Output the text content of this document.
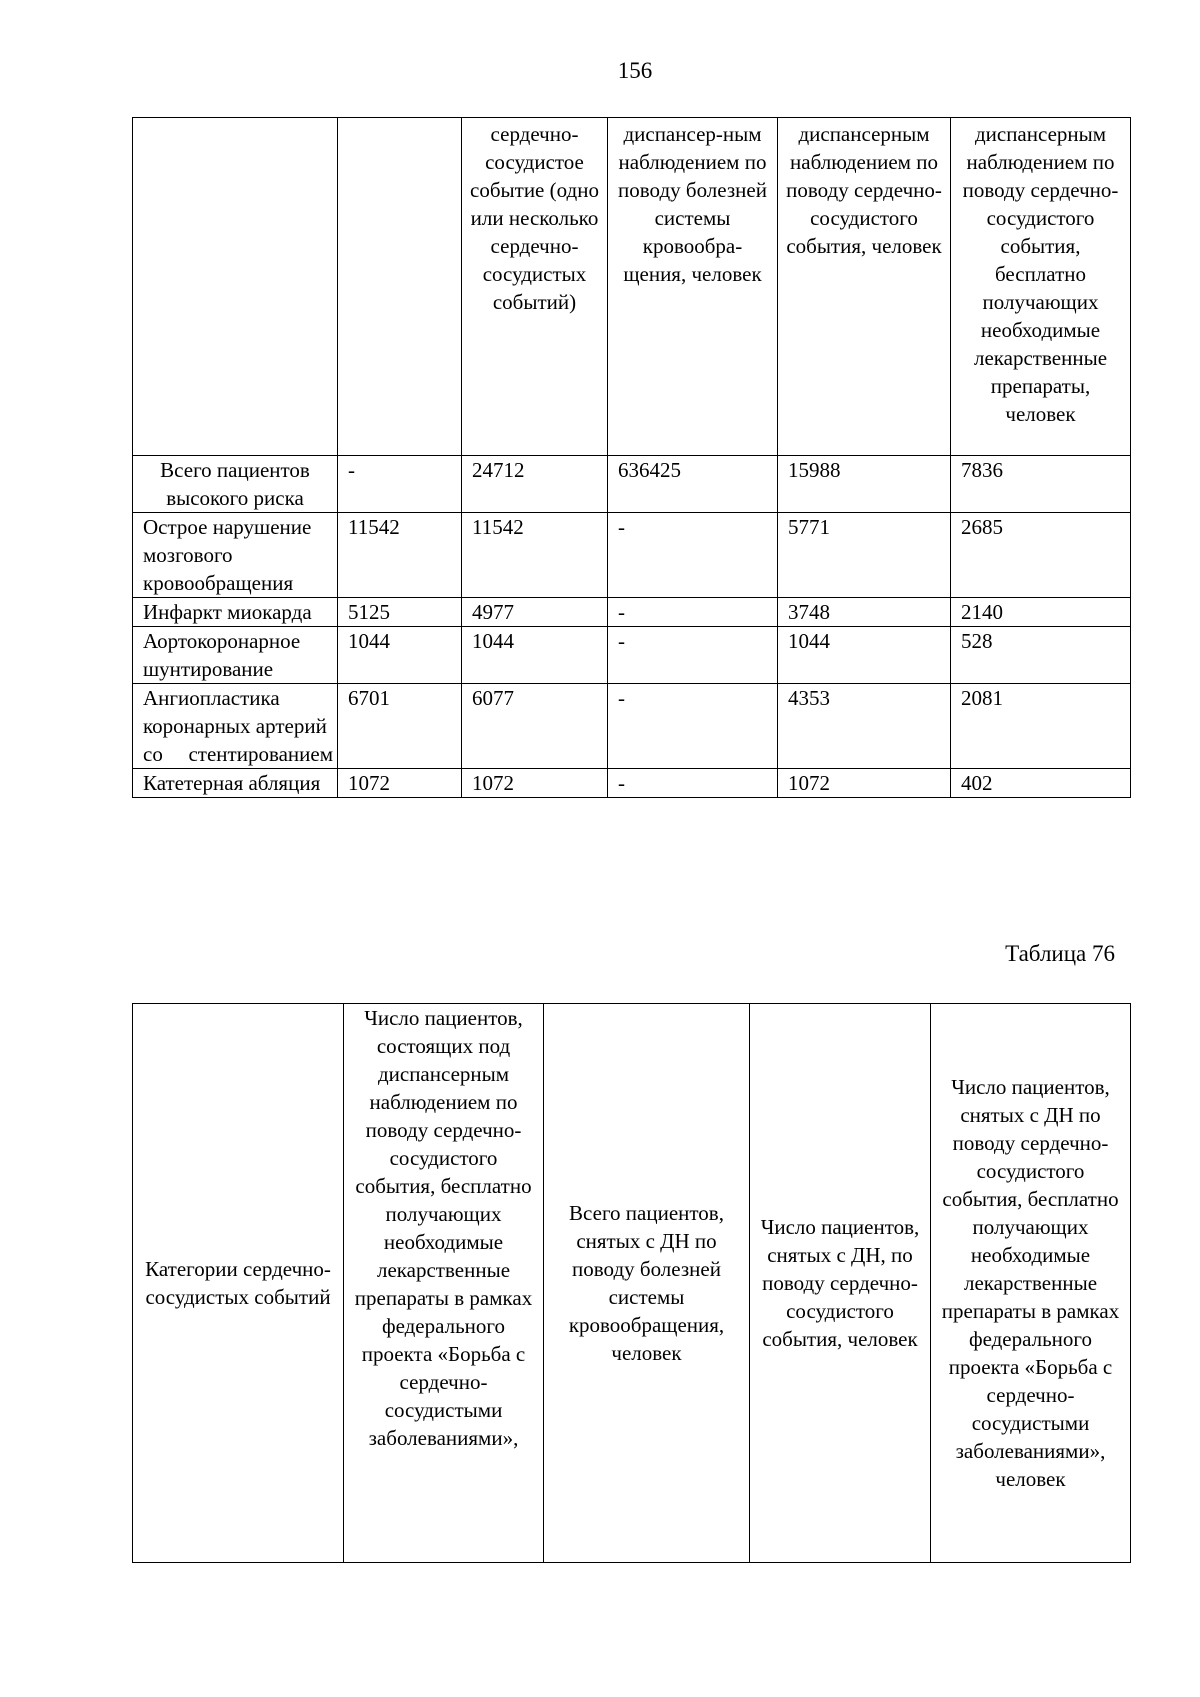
156
		сердечно-сосудистое событие (одно или несколько сердечно-сосудистых событий)	диспансер-ным наблюдением по поводу болезней системы кровообра-щения, человек	диспансерным наблюдением по поводу сердечно-сосудистого события, человек	диспансерным наблюдением по поводу сердечно-сосудистого события, бесплатно получающих необходимые лекарственные препараты, человек
Всего пациентов высокого риска	-	24712	636425	15988	7836
Острое нарушение мозгового кровообращения	11542	11542	-	5771	2685
Инфаркт миокарда	5125	4977	-	3748	2140
Аортокоронарное шунтирование	1044	1044	-	1044	528
Ангиопластика коронарных артерий со стентированием	6701	6077	-	4353	2081
Катетерная абляция	1072	1072	-	1072	402
Таблица 76
Категории сердечно-сосудистых событий	Число пациентов, состоящих под диспансерным наблюдением по поводу сердечно-сосудистого события, бесплатно получающих необходимые лекарственные препараты в рамках федерального проекта «Борьба с сердечно-сосудистыми заболеваниями»,	Всего пациентов, снятых с ДН по поводу болезней системы кровообращения, человек	Число пациентов, снятых с ДН, по поводу сердечно-сосудистого события, человек	Число пациентов, снятых с ДН по поводу сердечно-сосудистого события, бесплатно получающих необходимые лекарственные препараты в рамках федерального проекта «Борьба с сердечно-сосудистыми заболеваниями», человек
